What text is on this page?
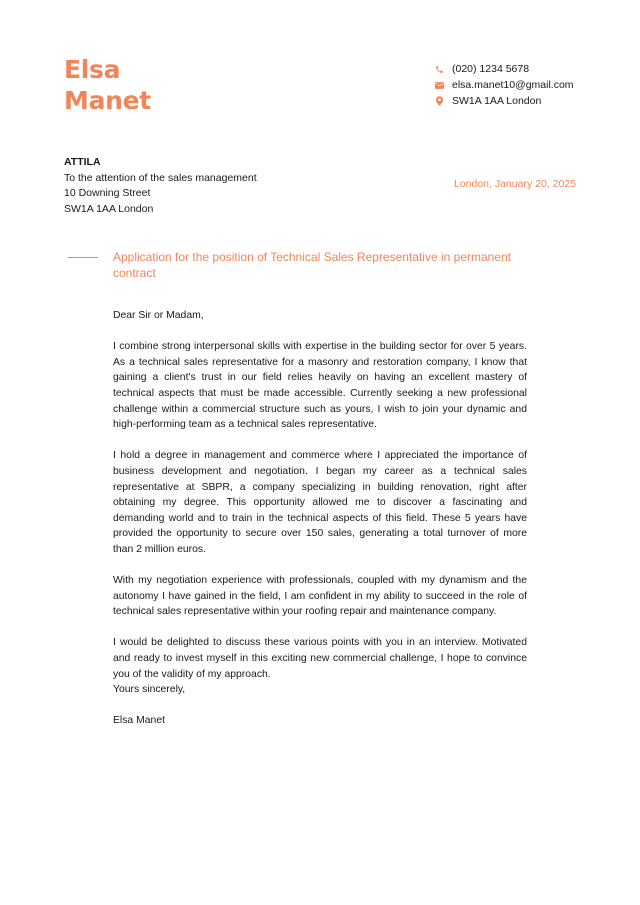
Elsa
Manet
(020) 1234 5678
elsa.manet10@gmail.com
SW1A 1AA London
ATTILA
To the attention of the sales management
10 Downing Street
SW1A 1AA London
London, January 20, 2025
Application for the position of Technical Sales Representative in permanent contract

Dear Sir or Madam,

I combine strong interpersonal skills with expertise in the building sector for over 5 years. As a technical sales representative for a masonry and restoration company, I know that gaining a client's trust in our field relies heavily on having an excellent mastery of technical aspects that must be made accessible. Currently seeking a new professional challenge within a commercial structure such as yours, I wish to join your dynamic and high-performing team as a technical sales representative.

I hold a degree in management and commerce where I appreciated the importance of business development and negotiation. I began my career as a technical sales representative at SBPR, a company specializing in building renovation, right after obtaining my degree. This opportunity allowed me to discover a fascinating and demanding world and to train in the technical aspects of this field. These 5 years have provided the opportunity to secure over 150 sales, generating a total turnover of more than 2 million euros.

With my negotiation experience with professionals, coupled with my dynamism and the autonomy I have gained in the field, I am confident in my ability to succeed in the role of technical sales representative within your roofing repair and maintenance company.

I would be delighted to discuss these various points with you in an interview. Motivated and ready to invest myself in this exciting new commercial challenge, I hope to convince you of the validity of my approach.

Yours sincerely,

Elsa Manet
